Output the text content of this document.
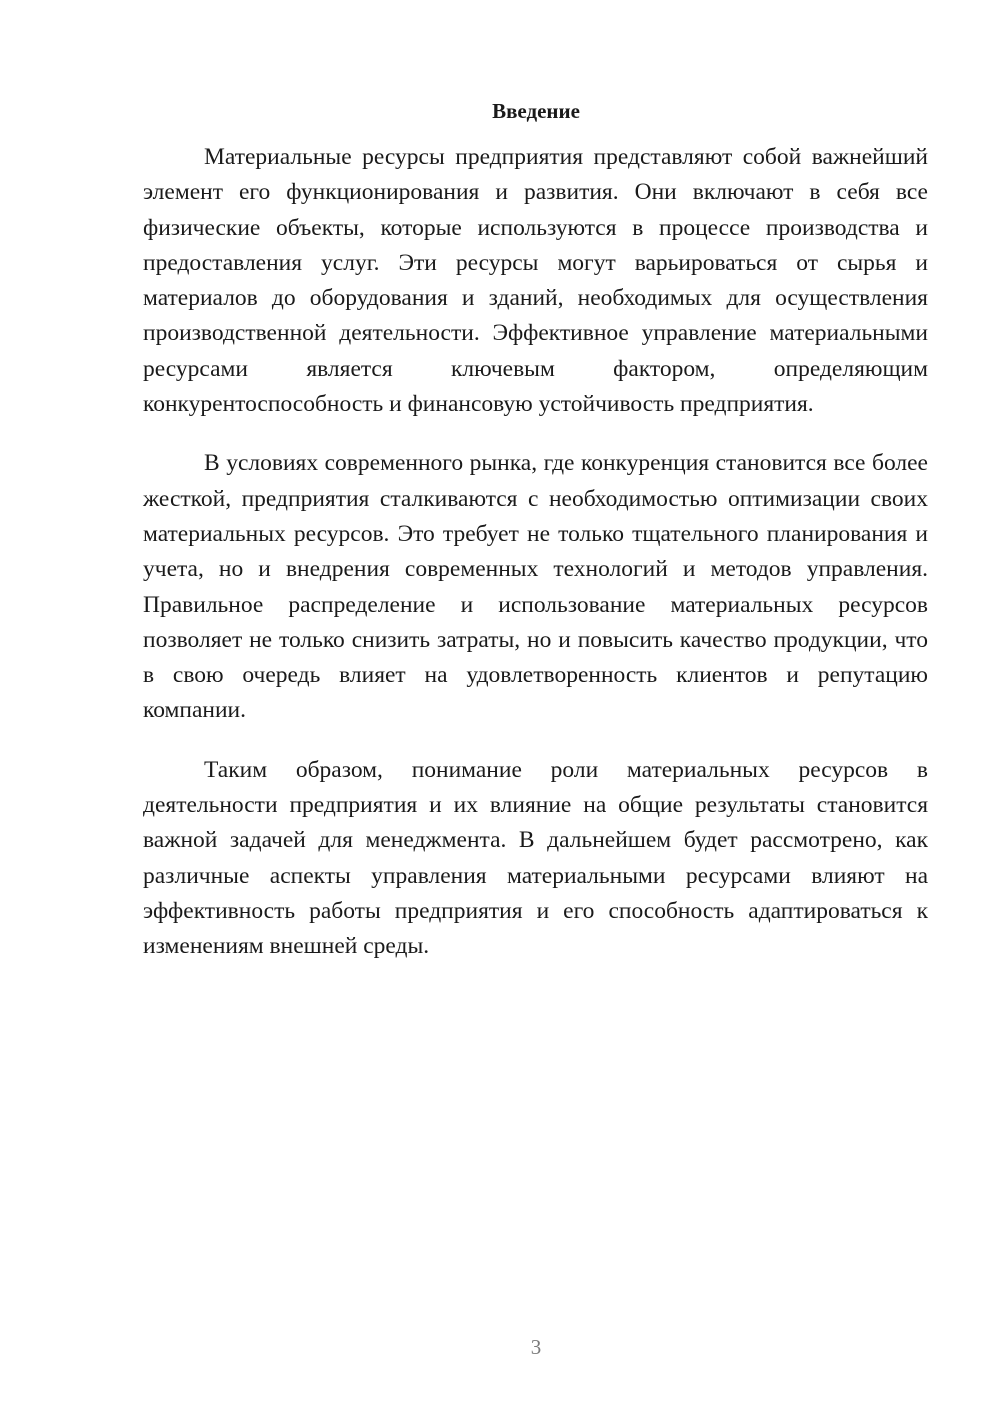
Введение

Материальные ресурсы предприятия представляют собой важнейший элемент его функционирования и развития. Они включают в себя все физические объекты, которые используются в процессе производства и предоставления услуг. Эти ресурсы могут варьироваться от сырья и материалов до оборудования и зданий, необходимых для осуществления производственной деятельности. Эффективное управление материальными ресурсами является ключевым фактором, определяющим конкурентоспособность и финансовую устойчивость предприятия.

В условиях современного рынка, где конкуренция становится все более жесткой, предприятия сталкиваются с необходимостью оптимизации своих материальных ресурсов. Это требует не только тщательного планирования и учета, но и внедрения современных технологий и методов управления. Правильное распределение и использование материальных ресурсов позволяет не только снизить затраты, но и повысить качество продукции, что в свою очередь влияет на удовлетворенность клиентов и репутацию компании.

Таким образом, понимание роли материальных ресурсов в деятельности предприятия и их влияние на общие результаты становится важной задачей для менеджмента. В дальнейшем будет рассмотрено, как различные аспекты управления материальными ресурсами влияют на эффективность работы предприятия и его способность адаптироваться к изменениям внешней среды.

3
